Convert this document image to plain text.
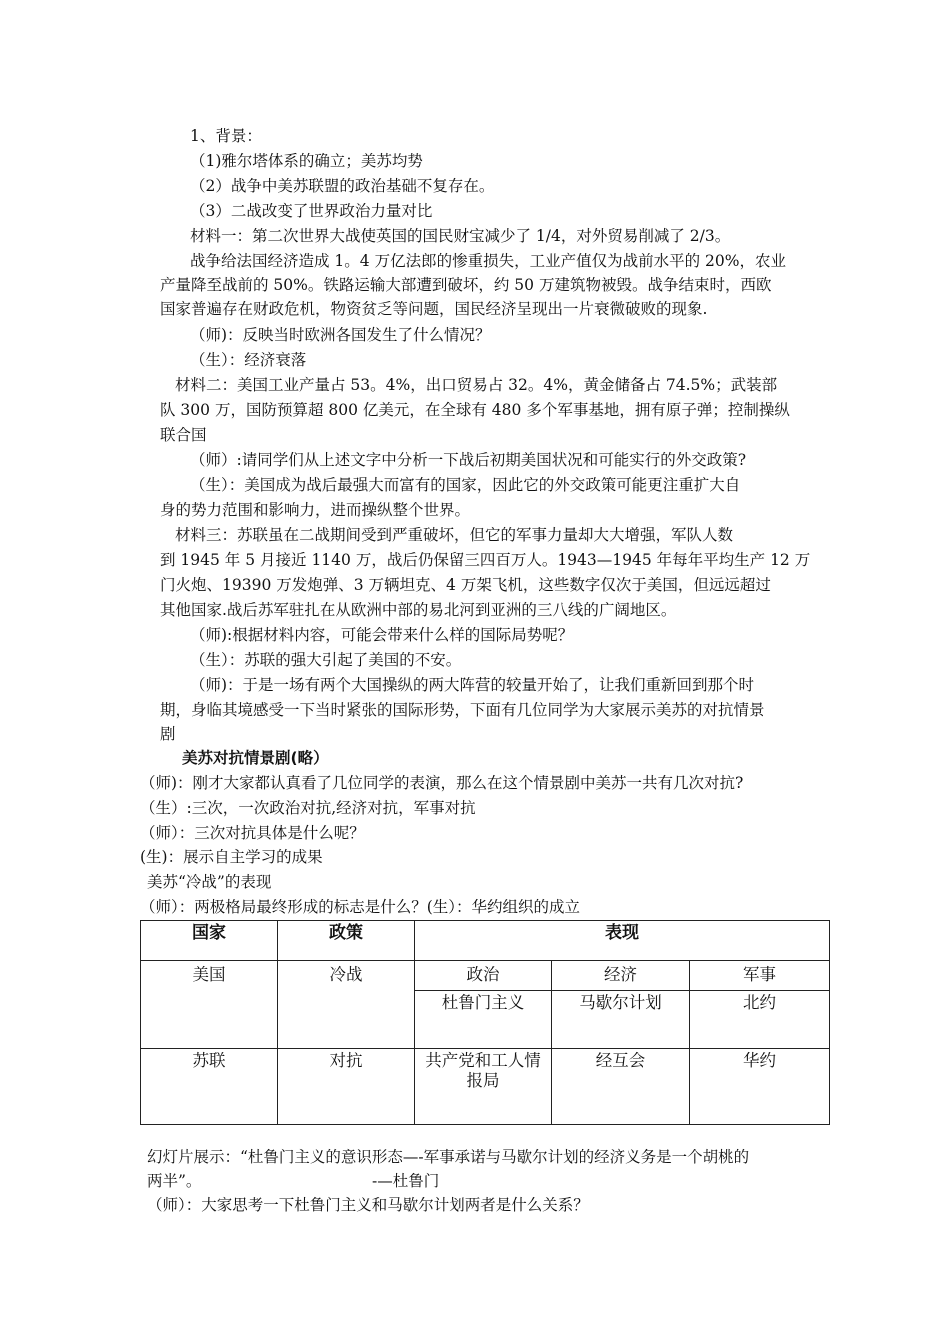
1、背景：
（1)雅尔塔体系的确立；美苏均势
（2）战争中美苏联盟的政治基础不复存在。
（3）二战改变了世界政治力量对比
材料一：第二次世界大战使英国的国民财宝减少了 1/4，对外贸易削减了 2/3。
战争给法国经济造成 1。4 万亿法郎的惨重损失，工业产值仅为战前水平的 20%，农业
产量降至战前的 50%。铁路运输大部遭到破坏，约 50 万建筑物被毁。战争结束时，西欧
国家普遍存在财政危机，物资贫乏等问题，国民经济呈现出一片衰微破败的现象.
（师)：反映当时欧洲各国发生了什么情况？
（生）：经济衰落
材料二：美国工业产量占 53。4%，出口贸易占 32。4%，黄金储备占 74.5%；武装部
队 300 万，国防预算超 800 亿美元，在全球有 480 多个军事基地，拥有原子弹；控制操纵
联合国
（师）:请同学们从上述文字中分析一下战后初期美国状况和可能实行的外交政策?
（生）：美国成为战后最强大而富有的国家，因此它的外交政策可能更注重扩大自
身的势力范围和影响力，进而操纵整个世界。
材料三：苏联虽在二战期间受到严重破坏，但它的军事力量却大大增强，军队人数
到 1945 年 5 月接近 1140 万，战后仍保留三四百万人。1943—1945 年每年平均生产 12 万
门火炮、19390 万发炮弹、3 万辆坦克、4 万架飞机，这些数字仅次于美国，但远远超过
其他国家.战后苏军驻扎在从欧洲中部的易北河到亚洲的三八线的广阔地区。
（师):根据材料内容，可能会带来什么样的国际局势呢？
（生）：苏联的强大引起了美国的不安。
（师)：于是一场有两个大国操纵的两大阵营的较量开始了，让我们重新回到那个时
期，身临其境感受一下当时紧张的国际形势，下面有几位同学为大家展示美苏的对抗情景
剧
美苏对抗情景剧(略）
（师)：刚才大家都认真看了几位同学的表演，那么在这个情景剧中美苏一共有几次对抗?
（生）:三次，一次政治对抗,经济对抗，军事对抗
（师）：三次对抗具体是什么呢？
(生)：展示自主学习的成果
美苏“冷战”的表现
（师）：两极格局最终形成的标志是什么？(生）：华约组织的成立
国家	政策	表现		
美国	冷战	政治	经济	军事
		杜鲁门主义	马歇尔计划	北约
苏联	对抗	共产党和工人情报局	经互会	华约
幻灯片展示：“杜鲁门主义的意识形态—-军事承诺与马歇尔计划的经济义务是一个胡桃的
两半”。	-—杜鲁门
（师）：大家思考一下杜鲁门主义和马歇尔计划两者是什么关系？
